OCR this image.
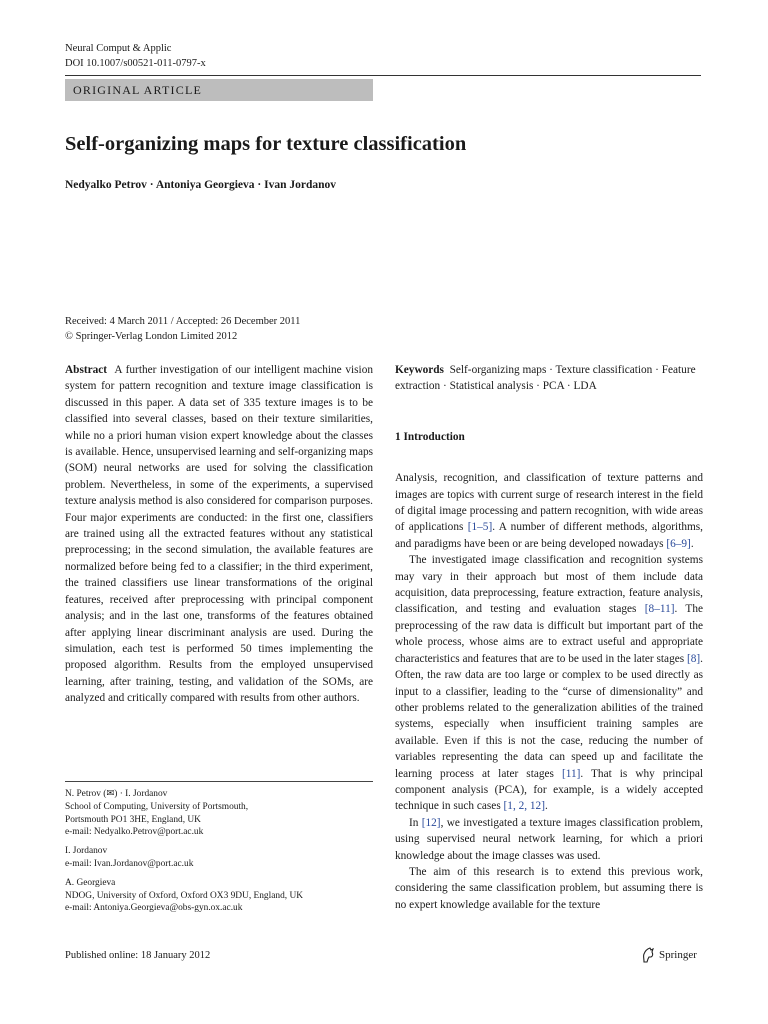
Neural Comput & Applic
DOI 10.1007/s00521-011-0797-x
ORIGINAL ARTICLE
Self-organizing maps for texture classification
Nedyalko Petrov · Antoniya Georgieva · Ivan Jordanov
Received: 4 March 2011 / Accepted: 26 December 2011
© Springer-Verlag London Limited 2012

Abstract A further investigation of our intelligent machine vision system for pattern recognition and texture image classification is discussed in this paper. A data set of 335 texture images is to be classified into several classes, based on their texture similarities, while no a priori human vision expert knowledge about the classes is available. Hence, unsupervised learning and self-organizing maps (SOM) neural networks are used for solving the classification problem. Nevertheless, in some of the experiments, a supervised texture analysis method is also considered for comparison purposes. Four major experiments are conducted: in the first one, classifiers are trained using all the extracted features without any statistical preprocessing; in the second simulation, the available features are normalized before being fed to a classifier; in the third experiment, the trained classifiers use linear transformations of the original features, received after preprocessing with principal component analysis; and in the last one, transforms of the features obtained after applying linear discriminant analysis are used. During the simulation, each test is performed 50 times implementing the proposed algorithm. Results from the employed unsupervised learning, after training, testing, and validation of the SOMs, are analyzed and critically compared with results from other authors.

Keywords Self-organizing maps · Texture classification · Feature extraction · Statistical analysis · PCA · LDA

1 Introduction

Analysis, recognition, and classification of texture patterns and images are topics with current surge of research interest in the field of digital image processing and pattern recognition, with wide areas of applications [1–5]. A number of different methods, algorithms, and paradigms have been or are being developed nowadays [6–9].

The investigated image classification and recognition systems may vary in their approach but most of them include data acquisition, data preprocessing, feature extraction, feature analysis, classification, and testing and evaluation stages [8–11]. The preprocessing of the raw data is difficult but important part of the whole process, whose aims are to extract useful and appropriate characteristics and features that are to be used in the later stages [8]. Often, the raw data are too large or complex to be used directly as input to a classifier, leading to the “curse of dimensionality” and other problems related to the generalization abilities of the trained systems, especially when insufficient training samples are available. Even if this is not the case, reducing the number of variables representing the data can speed up and facilitate the learning process at later stages [11]. That is why principal component analysis (PCA), for example, is a widely accepted technique in such cases [1, 2, 12].

In [12], we investigated a texture images classification problem, using supervised neural network learning, for which a priori knowledge about the image classes was used.

The aim of this research is to extend this previous work, considering the same classification problem, but assuming there is no expert knowledge available for the texture

N. Petrov (✉) · I. Jordanov
School of Computing, University of Portsmouth,
Portsmouth PO1 3HE, England, UK
e-mail: Nedyalko.Petrov@port.ac.uk
I. Jordanov
e-mail: Ivan.Jordanov@port.ac.uk
A. Georgieva
NDOG, University of Oxford, Oxford OX3 9DU, England, UK
e-mail: Antoniya.Georgieva@obs-gyn.ox.ac.uk
Published online: 18 January 2012	Springer
